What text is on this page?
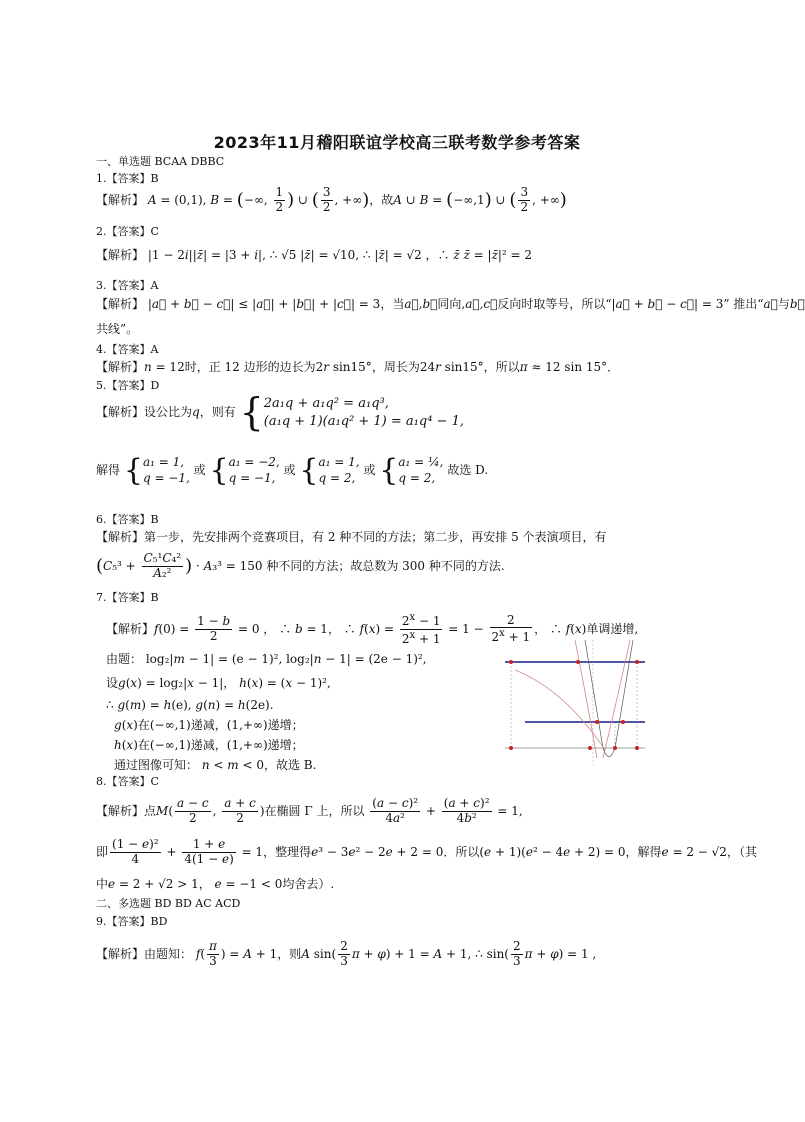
2023年11月稽阳联谊学校高三联考数学参考答案
一、单选题 BCAA DBBC
1.【答案】B
【解析】 A = (0,1), B = (−∞, $\frac{1}{2}$ ) ∪ ( $\frac{3}{2}$ , +∞)，故A ∪ B = (−∞,1) ∪ ( $\frac{3}{2}$ , +∞)
2.【答案】C
【解析】 |1 − 2i||z̄| = |3 + i|, ∴ √5 |z̄| = √10, ∴ |z̄| = √2 ，∴ z̄ z̄ = |z̄|² = 2
3.【答案】A
【解析】 |a⃗ + b⃗ − c⃗| ≤ |a⃗| + |b⃗| + |c⃗| = 3，当a⃗,b⃗同向,a⃗,c⃗反向时取等号，所以“|a⃗ + b⃗ − c⃗| = 3” 推出“a⃗与b⃗
共线”。
4.【答案】A
【解析】n = 12时，正 12 边形的边长为2r sin15°，周长为24r sin15°，所以π ≈ 12 sin 15°．
5.【答案】D
【解析】设公比为q，则有 {2a₁q + a₁q² = a₁q³,
(a₁q + 1)(a₁q² + 1) = a₁q⁴ − 1,
解得 {a₁ = 1,
q = −1, 或 {a₁ = −2,
q = −1, 或 {a₁ = 1,
q = 2, 或 {a₁ = ¼,
q = 2, 故选 D.
6.【答案】B
【解析】第一步，先安排两个竞赛项目，有 2 种不同的方法；第二步，再安排 5 个表演项目，有
($C_5^3 + \frac{\text{C₅¹C₄²}}{\text{A₂²}}$ ) · A₃³ = 150 种不同的方法；故总数为 300 种不同的方法.
7.【答案】B
【解析】$f(0) = \frac{1 - b}{2} = 0$ ， ∴ b = 1， ∴ $f(x) = \frac{2^x - 1}{2^x + 1} = 1 - \frac{2}{2^x + 1}$ ， ∴ f(x)单调递增,
由题： log₂|m − 1| = (e − 1)², log₂|n − 1| = (2e − 1)²,
设g(x) = log₂|x − 1|， h(x) = (x − 1)²,
∴ g(m) = h(e), g(n) = h(2e).
g(x)在(−∞,1)递减，(1,+∞)递增；
h(x)在(−∞,1)递减，(1,+∞)递增；
通过图像可知： n < m < 0，故选 B.
8.【答案】C
【解析】点$M( \frac{a - c}{2}$ , $\frac{a + c}{2}$ )在椭圆 Γ 上，所以 $\frac{\text{(a − c)²}}{\text{4a²}} + \frac{\text{(a + c)²}}{\text{4b²}} = 1$,
即 $\frac{\text{(1 − e)²}}{4} + \frac{1 + e}{4(1 - e)} = 1$，整理得e³ − 3e² − 2e + 2 = 0．所以(e + 1)(e² − 4e + 2) = 0，解得e = 2 − √2，（其
中e = 2 + √2 > 1， e = −1 < 0均舍去）.
二、多选题 BD BD AC ACD
9.【答案】BD
【解析】由题知： $f( \frac{\pi}{3}$ ) = A + 1，则A $\sin( \frac{2}{3}$ π + φ) + 1 = A + 1, ∴ $\sin( \frac{2}{3}$ π + φ) = 1 ,
